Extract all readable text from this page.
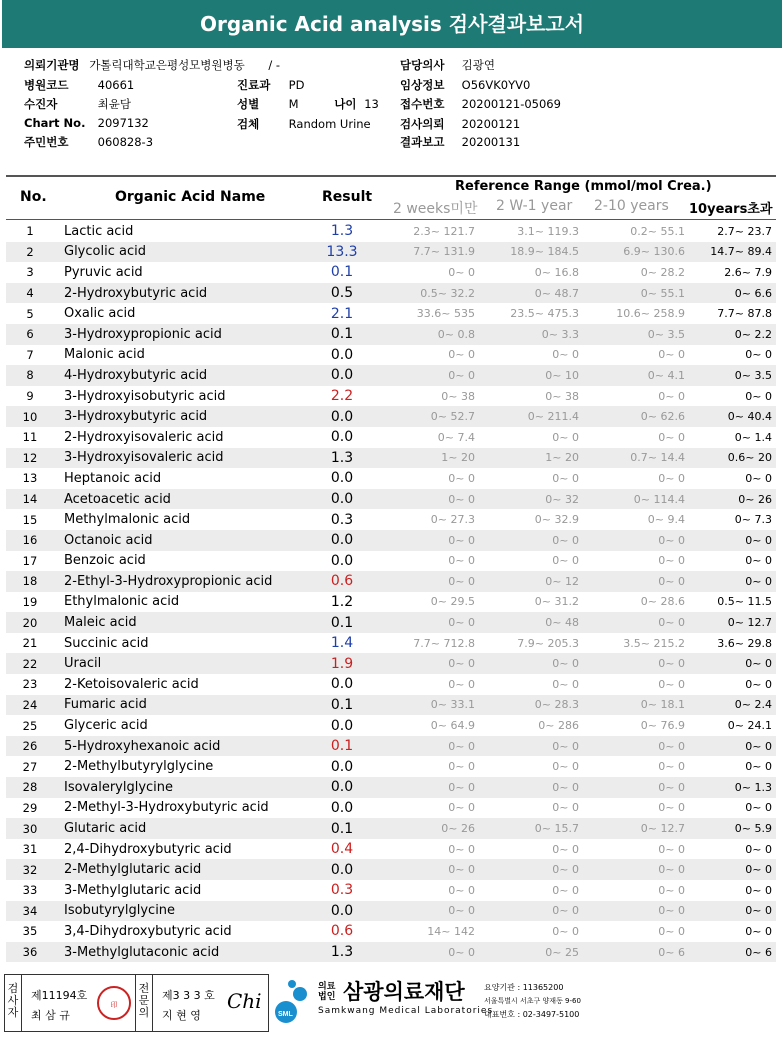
Organic Acid analysis 검사결과보고서
의뢰기관명 가톨릭대학교은평성모병원병동 / -
병원코드	40661
수진자	최윤담
Chart No. 2097132
주민번호	060828-3
진료과 PD
성별	M	나이 13
검체	Random Urine
담당의사 김광연
임상정보 O56VK0YV0
접수번호 20200121-05069
검사의뢰 20200121
결과보고 20200131
No.	Organic Acid Name	Result
Reference Range (mmol/mol Crea.)
2 weeks미만 2 W-1 year 2-10 years 10years초과
1	Lactic acid	1.3	2.3~ 121.7	3.1~ 119.3	0.2~ 55.1	2.7~ 23.7
2	Glycolic acid	13.3	7.7~ 131.9	18.9~ 184.5	6.9~ 130.6	14.7~ 89.4
3	Pyruvic acid	0.1	0~ 0	0~ 16.8	0~ 28.2	2.6~ 7.9
4	2-Hydroxybutyric acid	0.5	0.5~ 32.2	0~ 48.7	0~ 55.1	0~ 6.6
5	Oxalic acid	2.1	33.6~ 535	23.5~ 475.3	10.6~ 258.9	7.7~ 87.8
6	3-Hydroxypropionic acid	0.1	0~ 0.8	0~ 3.3	0~ 3.5	0~ 2.2
7	Malonic acid	0.0	0~ 0	0~ 0	0~ 0	0~ 0
8	4-Hydroxybutyric acid	0.0	0~ 0	0~ 10	0~ 4.1	0~ 3.5
9	3-Hydroxyisobutyric acid	2.2	0~ 38	0~ 38	0~ 0	0~ 0
10	3-Hydroxybutyric acid	0.0	0~ 52.7	0~ 211.4	0~ 62.6	0~ 40.4
11	2-Hydroxyisovaleric acid	0.0	0~ 7.4	0~ 0	0~ 0	0~ 1.4
12	3-Hydroxyisovaleric acid	1.3	1~ 20	1~ 20	0.7~ 14.4	0.6~ 20
13	Heptanoic acid	0.0	0~ 0	0~ 0	0~ 0	0~ 0
14	Acetoacetic acid	0.0	0~ 0	0~ 32	0~ 114.4	0~ 26
15	Methylmalonic acid	0.3	0~ 27.3	0~ 32.9	0~ 9.4	0~ 7.3
16	Octanoic acid	0.0	0~ 0	0~ 0	0~ 0	0~ 0
17	Benzoic acid	0.0	0~ 0	0~ 0	0~ 0	0~ 0
18	2-Ethyl-3-Hydroxypropionic acid	0.6	0~ 0	0~ 12	0~ 0	0~ 0
19	Ethylmalonic acid	1.2	0~ 29.5	0~ 31.2	0~ 28.6	0.5~ 11.5
20	Maleic acid	0.1	0~ 0	0~ 48	0~ 0	0~ 12.7
21	Succinic acid	1.4	7.7~ 712.8	7.9~ 205.3	3.5~ 215.2	3.6~ 29.8
22	Uracil	1.9	0~ 0	0~ 0	0~ 0	0~ 0
23	2-Ketoisovaleric acid	0.0	0~ 0	0~ 0	0~ 0	0~ 0
24	Fumaric acid	0.1	0~ 33.1	0~ 28.3	0~ 18.1	0~ 2.4
25	Glyceric acid	0.0	0~ 64.9	0~ 286	0~ 76.9	0~ 24.1
26	5-Hydroxyhexanoic acid	0.1	0~ 0	0~ 0	0~ 0	0~ 0
27	2-Methylbutyrylglycine	0.0	0~ 0	0~ 0	0~ 0	0~ 0
28	Isovalerylglycine	0.0	0~ 0	0~ 0	0~ 0	0~ 1.3
29	2-Methyl-3-Hydroxybutyric acid	0.0	0~ 0	0~ 0	0~ 0	0~ 0
30	Glutaric acid	0.1	0~ 26	0~ 15.7	0~ 12.7	0~ 5.9
31	2,4-Dihydroxybutyric acid	0.4	0~ 0	0~ 0	0~ 0	0~ 0
32	2-Methylglutaric acid	0.0	0~ 0	0~ 0	0~ 0	0~ 0
33	3-Methylglutaric acid	0.3	0~ 0	0~ 0	0~ 0	0~ 0
34	Isobutyrylglycine	0.0	0~ 0	0~ 0	0~ 0	0~ 0
35	3,4-Dihydroxybutyric acid	0.6	14~ 142	0~ 0	0~ 0	0~ 0
36	3-Methylglutaconic acid	1.3	0~ 0	0~ 25	0~ 6	0~ 6
검사자
제11194호
최 삼 규
印
전문의
제3 3 3 호
지 현 영
Chi
SML
의료법인 삼광의료재단
Samkwang Medical Laboratories
요양기관 : 11365200
서울특별시 서초구 양재동 9-60
대표번호 : 02-3497-5100
